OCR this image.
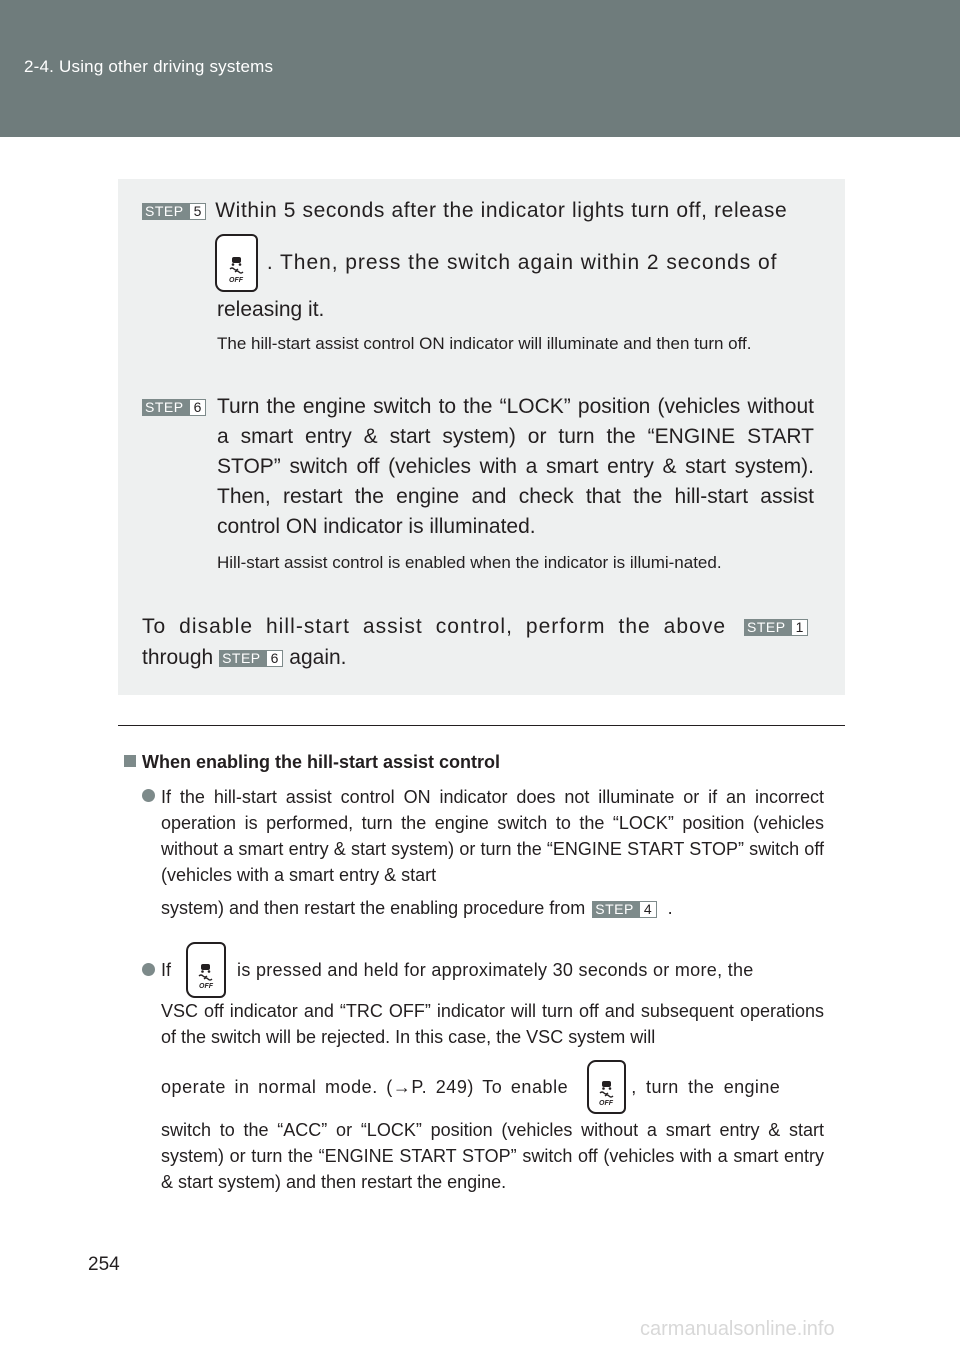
2-4. Using other driving systems
STEP 5 Within 5 seconds after the indicator lights turn off, release
OFF
. Then, press the switch again within 2 seconds of
releasing it.
The hill-start assist control ON indicator will illuminate and then turn off.
STEP 6 Turn the engine switch to the “LOCK” position (vehicles without a smart entry & start system) or turn the “ENGINE START STOP” switch off (vehicles with a smart entry & start system). Then, restart the engine and check that the hill-start assist control ON indicator is illuminated.
Hill-start assist control is enabled when the indicator is illumi-nated.
To disable hill-start assist control, perform the above STEP 1
through STEP 6 again.
When enabling the hill-start assist control
If the hill-start assist control ON indicator does not illuminate or if an incorrect operation is performed, turn the engine switch to the “LOCK” position (vehicles without a smart entry & start system) or turn the “ENGINE START STOP” switch off (vehicles with a smart entry & start
system) and then restart the enabling procedure from STEP 4 .
If
OFF
is pressed and held for approximately 30 seconds or more, the
VSC off indicator and “TRC OFF” indicator will turn off and subsequent operations of the switch will be rejected. In this case, the VSC system will
operate in normal mode. (→P. 249) To enable
OFF
, turn the engine
switch to the “ACC” or “LOCK” position (vehicles without a smart entry & start system) or turn the “ENGINE START STOP” switch off (vehicles with a smart entry & start system) and then restart the engine.
254
carmanualsonline.info
